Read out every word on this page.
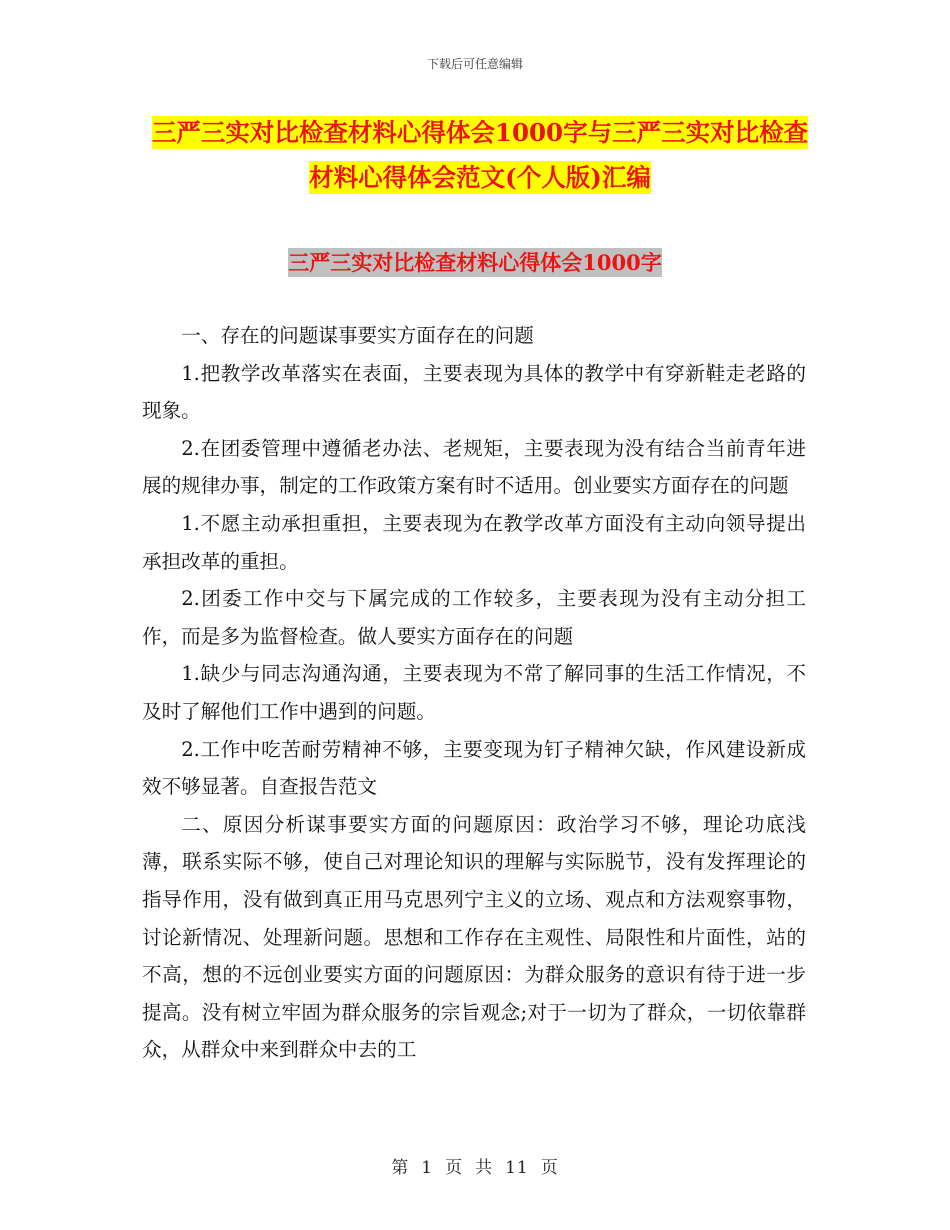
下载后可任意编辑
三严三实对比检查材料心得体会1000字与三严三实对比检查材料心得体会范文(个人版)汇编
三严三实对比检查材料心得体会1000字

一、存在的问题谋事要实方面存在的问题

1.把教学改革落实在表面，主要表现为具体的教学中有穿新鞋走老路的现象。

2.在团委管理中遵循老办法、老规矩，主要表现为没有结合当前青年进展的规律办事，制定的工作政策方案有时不适用。创业要实方面存在的问题

1.不愿主动承担重担，主要表现为在教学改革方面没有主动向领导提出承担改革的重担。

2.团委工作中交与下属完成的工作较多，主要表现为没有主动分担工作，而是多为监督检查。做人要实方面存在的问题

1.缺少与同志沟通沟通，主要表现为不常了解同事的生活工作情况，不及时了解他们工作中遇到的问题。

2.工作中吃苦耐劳精神不够，主要变现为钉子精神欠缺，作风建设新成效不够显著。自查报告范文

二、原因分析谋事要实方面的问题原因：政治学习不够，理论功底浅薄，联系实际不够，使自己对理论知识的理解与实际脱节，没有发挥理论的指导作用，没有做到真正用马克思列宁主义的立场、观点和方法观察事物，讨论新情况、处理新问题。思想和工作存在主观性、局限性和片面性，站的不高，想的不远创业要实方面的问题原因：为群众服务的意识有待于进一步提高。没有树立牢固为群众服务的宗旨观念;对于一切为了群众，一切依靠群众，从群众中来到群众中去的工

第 1 页 共 11 页
